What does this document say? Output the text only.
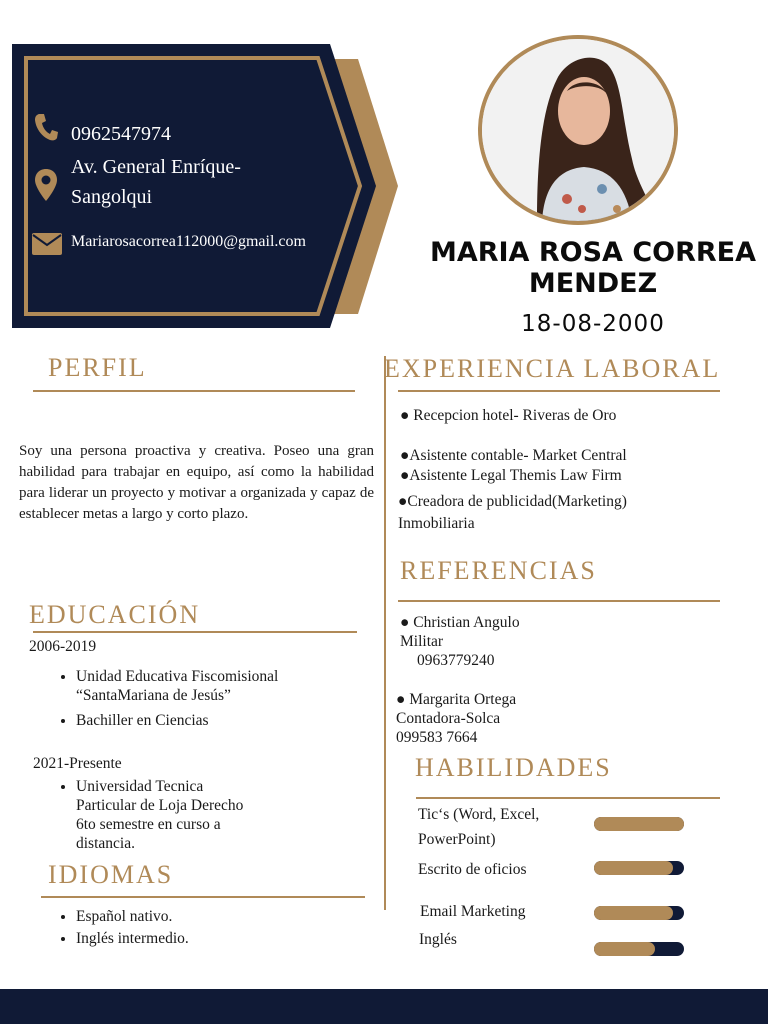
0962547974
Av. General Enríque-
Sangolqui
Mariarosacorrea112000@gmail.com	MARIA ROSA CORREA
MENDEZ
18-08-2000
PERFIL
Soy una persona proactiva y creativa. Poseo una gran habilidad para trabajar en equipo, así como la habilidad para liderar un proyecto y motivar a organizada y capaz de establecer metas a largo y corto plazo.
EXPERIENCIA LABORAL
● Recepcion hotel- Riveras de Oro
●Asistente contable- Market Central
●Asistente Legal Themis Law Firm
●Creadora de publicidad(Marketing) Inmobiliaria
EDUCACIÓN
2006-2019
• Unidad Educativa Fiscomisional “SantaMariana de Jesús”
• Bachiller en Ciencias
2021-Presente
• Universidad Tecnica Particular de Loja Derecho 6to semestre en curso a distancia.
REFERENCIAS
● Christian Angulo
Militar
0963779240
● Margarita Ortega
Contadora-Solca
099583 7664
HABILIDADES
Tic‘s (Word, Excel,
PowerPoint)
Escrito de oficios
Email Marketing
Inglés
IDIOMAS
• Español nativo.
• Inglés intermedio.
